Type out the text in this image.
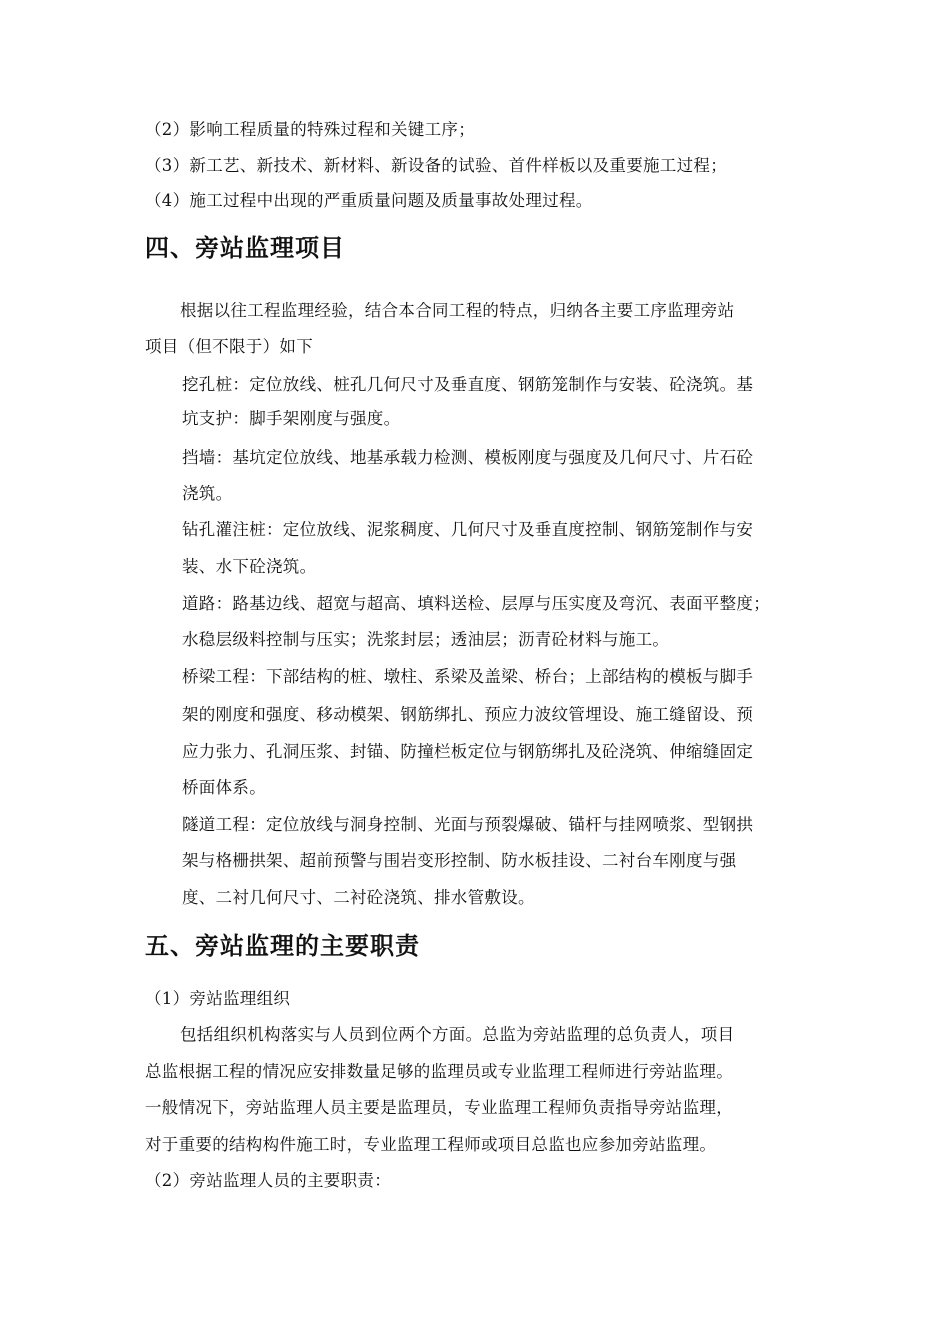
（2）影响工程质量的特殊过程和关键工序；
（3）新工艺、新技术、新材料、新设备的试验、首件样板以及重要施工过程；
（4）施工过程中出现的严重质量问题及质量事故处理过程。
四、旁站监理项目
根据以往工程监理经验，结合本合同工程的特点，归纳各主要工序监理旁站
项目（但不限于）如下
挖孔桩：定位放线、桩孔几何尺寸及垂直度、钢筋笼制作与安装、砼浇筑。基
坑支护：脚手架刚度与强度。
挡墙：基坑定位放线、地基承载力检测、模板刚度与强度及几何尺寸、片石砼
浇筑。
钻孔灌注桩：定位放线、泥浆稠度、几何尺寸及垂直度控制、钢筋笼制作与安
装、水下砼浇筑。
道路：路基边线、超宽与超高、填料送检、层厚与压实度及弯沉、表面平整度；
水稳层级料控制与压实；洗浆封层；透油层；沥青砼材料与施工。
桥梁工程：下部结构的桩、墩柱、系梁及盖梁、桥台；上部结构的模板与脚手
架的刚度和强度、移动模架、钢筋绑扎、预应力波纹管埋设、施工缝留设、预
应力张力、孔洞压浆、封锚、防撞栏板定位与钢筋绑扎及砼浇筑、伸缩缝固定
桥面体系。
隧道工程：定位放线与洞身控制、光面与预裂爆破、锚杆与挂网喷浆、型钢拱
架与格栅拱架、超前预警与围岩变形控制、防水板挂设、二衬台车刚度与强
度、二衬几何尺寸、二衬砼浇筑、排水管敷设。
五、旁站监理的主要职责
（1）旁站监理组织
包括组织机构落实与人员到位两个方面。总监为旁站监理的总负责人，项目
总监根据工程的情况应安排数量足够的监理员或专业监理工程师进行旁站监理。
一般情况下，旁站监理人员主要是监理员，专业监理工程师负责指导旁站监理，
对于重要的结构构件施工时，专业监理工程师或项目总监也应参加旁站监理。
（2）旁站监理人员的主要职责：
